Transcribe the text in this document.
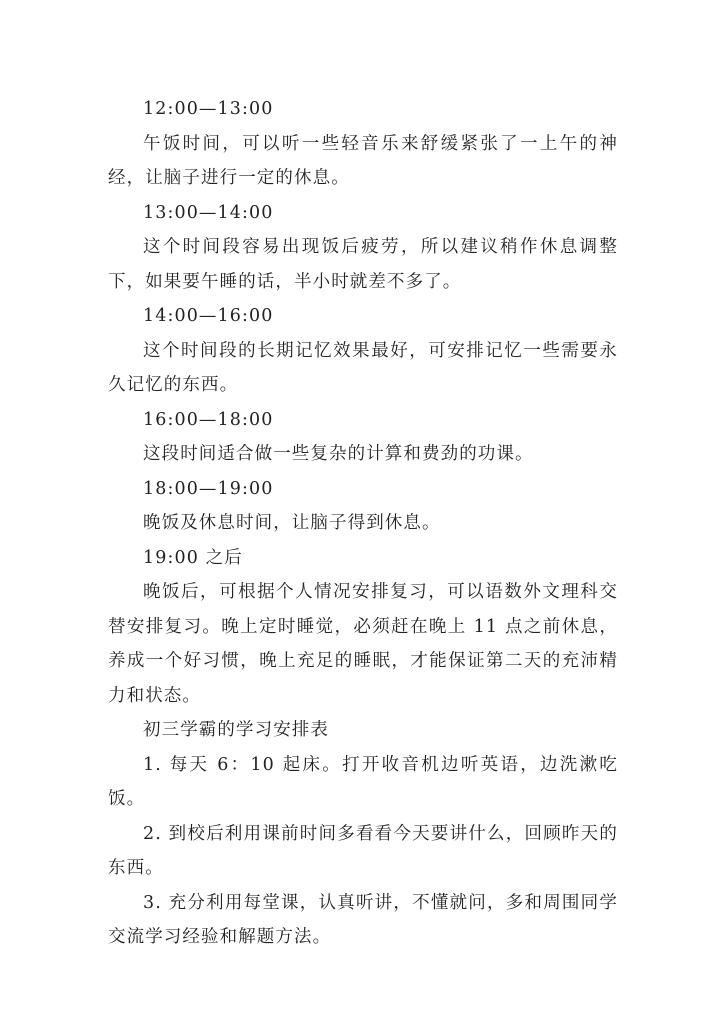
12:00—13:00

午饭时间，可以听一些轻音乐来舒缓紧张了一上午的神经，让脑子进行一定的休息。

13:00—14:00

这个时间段容易出现饭后疲劳，所以建议稍作休息调整下，如果要午睡的话，半小时就差不多了。

14:00—16:00

这个时间段的长期记忆效果最好，可安排记忆一些需要永久记忆的东西。

16:00—18:00

这段时间适合做一些复杂的计算和费劲的功课。

18:00—19:00

晚饭及休息时间，让脑子得到休息。

19:00 之后

晚饭后，可根据个人情况安排复习，可以语数外文理科交替安排复习。晚上定时睡觉，必须赶在晚上 11 点之前休息，养成一个好习惯，晚上充足的睡眠，才能保证第二天的充沛精力和状态。

初三学霸的学习安排表

1. 每天 6：10 起床。打开收音机边听英语，边洗漱吃饭。

2. 到校后利用课前时间多看看今天要讲什么，回顾昨天的东西。

3. 充分利用每堂课，认真听讲，不懂就问，多和周围同学交流学习经验和解题方法。
